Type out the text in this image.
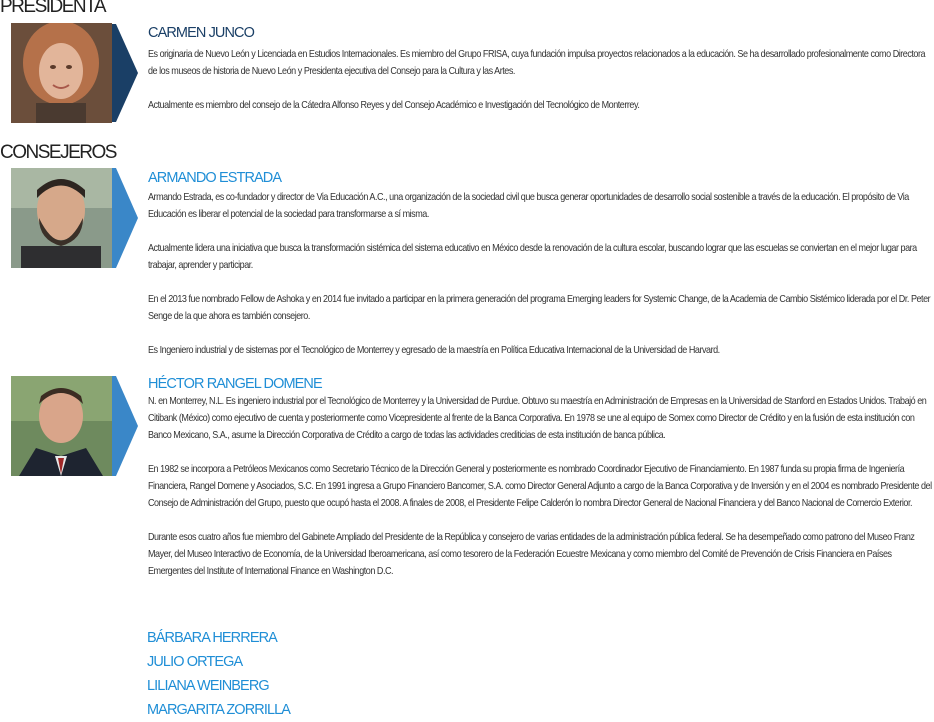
PRESIDENTA
CONSEJEROS
CARMEN JUNCO

Es originaria de Nuevo León y Licenciada en Estudios Internacionales. Es miembro del Grupo FRISA, cuya fundación impulsa proyectos relacionados a la educación. Se ha desarrollado profesionalmente como Directora de los museos de historia de Nuevo León y Presidenta ejecutiva del Consejo para la Cultura y las Artes.

Actualmente es miembro del consejo de la Cátedra Alfonso Reyes y del Consejo Académico e Investigación del Tecnológico de Monterrey.

ARMANDO ESTRADA

Armando Estrada, es co-fundador y director de Via Educación A.C., una organización de la sociedad civil que busca generar oportunidades de desarrollo social sostenible a través de la educación. El propósito de Via Educación es liberar el potencial de la sociedad para transformarse a sí misma.

Actualmente lidera una iniciativa que busca la transformación sistémica del sistema educativo en México desde la renovación de la cultura escolar, buscando lograr que las escuelas se conviertan en el mejor lugar para trabajar, aprender y participar.

En el 2013 fue nombrado Fellow de Ashoka y en 2014 fue invitado a participar en la primera generación del programa Emerging leaders for Systemic Change, de la Academia de Cambio Sistémico liderada por el Dr. Peter Senge de la que ahora es también consejero.

Es Ingeniero industrial y de sistemas por el Tecnológico de Monterrey y egresado de la maestría en Política Educativa Internacional de la Universidad de Harvard.

HÉCTOR RANGEL DOMENE

N. en Monterrey, N.L. Es ingeniero industrial por el Tecnológico de Monterrey y la Universidad de Purdue. Obtuvo su maestría en Administración de Empresas en la Universidad de Stanford en Estados Unidos. Trabajó en Citibank (México) como ejecutivo de cuenta y posteriormente como Vicepresidente al frente de la Banca Corporativa. En 1978 se une al equipo de Somex como Director de Crédito y en la fusión de esta institución con Banco Mexicano, S.A., asume la Dirección Corporativa de Crédito a cargo de todas las actividades crediticias de esta institución de banca pública.

En 1982 se incorpora a Petróleos Mexicanos como Secretario Técnico de la Dirección General y posteriormente es nombrado Coordinador Ejecutivo de Financiamiento. En 1987 funda su propia firma de Ingeniería Financiera, Rangel Domene y Asociados, S.C. En 1991 ingresa a Grupo Financiero Bancomer, S.A. como Director General Adjunto a cargo de la Banca Corporativa y de Inversión y en el 2004 es nombrado Presidente del Consejo de Administración del Grupo, puesto que ocupó hasta el 2008. A finales de 2008, el Presidente Felipe Calderón lo nombra Director General de Nacional Financiera y del Banco Nacional de Comercio Exterior.

Durante esos cuatro años fue miembro del Gabinete Ampliado del Presidente de la República y consejero de varias entidades de la administración pública federal. Se ha desempeñado como patrono del Museo Franz Mayer, del Museo Interactivo de Economía, de la Universidad Iberoamericana, así como tesorero de la Federación Ecuestre Mexicana y como miembro del Comité de Prevención de Crisis Financiera en Países Emergentes del Institute of International Finance en Washington D.C.

BÁRBARA HERRERA
JULIO ORTEGA
LILIANA WEINBERG
MARGARITA ZORRILLA
